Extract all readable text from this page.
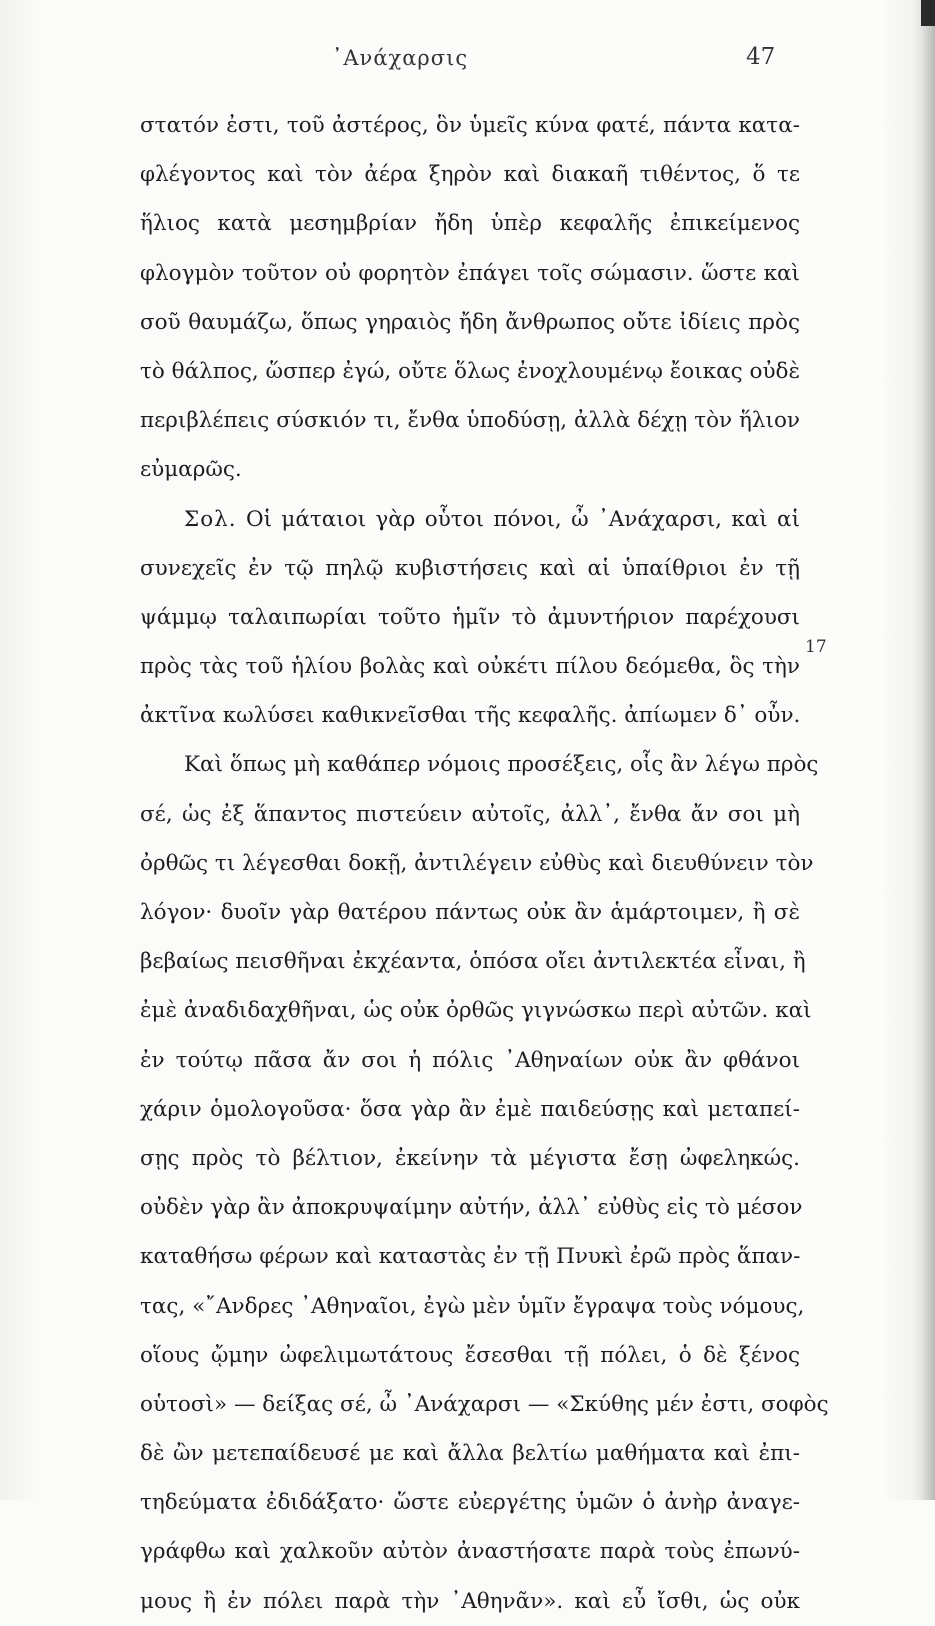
᾿Ανάχαρσις	47
στατόν ἐστι, τοῦ ἀστέρος, ὃν ὑμεῖς κύνα φατέ, πάντα κατα-
φλέγοντος καὶ τὸν ἀέρα ξηρὸν καὶ διακαῆ τιθέντος, ὅ τε
ἥλιος κατὰ μεσημβρίαν ἤδη ὑπὲρ κεφαλῆς ἐπικείμενος
φλογμὸν τοῦτον οὐ φορητὸν ἐπάγει τοῖς σώμασιν. ὥστε καὶ
σοῦ θαυμάζω, ὅπως γηραιὸς ἤδη ἄνθρωπος οὔτε ἰδίεις πρὸς
τὸ θάλπος, ὥσπερ ἐγώ, οὔτε ὅλως ἐνοχλουμένῳ ἔοικας οὐδὲ
περιβλέπεις σύσκιόν τι, ἔνθα ὑποδύσῃ, ἀλλὰ δέχῃ τὸν ἥλιον
εὐμαρῶς.
Σολ. Οἱ μάταιοι γὰρ οὗτοι πόνοι, ὦ ᾿Ανάχαρσι, καὶ αἱ
συνεχεῖς ἐν τῷ πηλῷ κυβιστήσεις καὶ αἱ ὑπαίθριοι ἐν τῇ
ψάμμῳ ταλαιπωρίαι τοῦτο ἡμῖν τὸ ἀμυντήριον παρέχουσι
πρὸς τὰς τοῦ ἡλίου βολὰς καὶ οὐκέτι πίλου δεόμεθα, ὃς τὴν
ἀκτῖνα κωλύσει καθικνεῖσθαι τῆς κεφαλῆς. ἀπίωμεν δ᾿ οὖν.
Καὶ ὅπως μὴ καθάπερ νόμοις προσέξεις, οἷς ἂν λέγω πρὸς
σέ, ὡς ἐξ ἅπαντος πιστεύειν αὐτοῖς, ἀλλ᾿, ἔνθα ἄν σοι μὴ
ὀρθῶς τι λέγεσθαι δοκῇ, ἀντιλέγειν εὐθὺς καὶ διευθύνειν τὸν
λόγον· δυοῖν γὰρ θατέρου πάντως οὐκ ἂν ἁμάρτοιμεν, ἢ σὲ
βεβαίως πεισθῆναι ἐκχέαντα, ὁπόσα οἴει ἀντιλεκτέα εἶναι, ἢ
ἐμὲ ἀναδιδαχθῆναι, ὡς οὐκ ὀρθῶς γιγνώσκω περὶ αὐτῶν. καὶ
ἐν τούτῳ πᾶσα ἄν σοι ἡ πόλις ᾿Αθηναίων οὐκ ἂν φθάνοι
χάριν ὁμολογοῦσα· ὅσα γὰρ ἂν ἐμὲ παιδεύσῃς καὶ μεταπεί-
σῃς πρὸς τὸ βέλτιον, ἐκείνην τὰ μέγιστα ἔσῃ ὠφεληκώς.
οὐδὲν γὰρ ἂν ἀποκρυψαίμην αὐτήν, ἀλλ᾿ εὐθὺς εἰς τὸ μέσον
καταθήσω φέρων καὶ καταστὰς ἐν τῇ Πνυκὶ ἐρῶ πρὸς ἅπαν-
τας, «῎Ανδρες ᾿Αθηναῖοι, ἐγὼ μὲν ὑμῖν ἔγραψα τοὺς νόμους,
οἵους ᾤμην ὠφελιμωτάτους ἔσεσθαι τῇ πόλει, ὁ δὲ ξένος
οὑτοσὶ» — δείξας σέ, ὦ ᾿Ανάχαρσι — «Σκύθης μέν ἐστι, σοφὸς
δὲ ὢν μετεπαίδευσέ με καὶ ἄλλα βελτίω μαθήματα καὶ ἐπι-
τηδεύματα ἐδιδάξατο· ὥστε εὐεργέτης ὑμῶν ὁ ἀνὴρ ἀναγε-
γράφθω καὶ χαλκοῦν αὐτὸν ἀναστήσατε παρὰ τοὺς ἐπωνύ-
μους ἢ ἐν πόλει παρὰ τὴν ᾿Αθηνᾶν». καὶ εὖ ἴσθι, ὡς οὐκ
17
